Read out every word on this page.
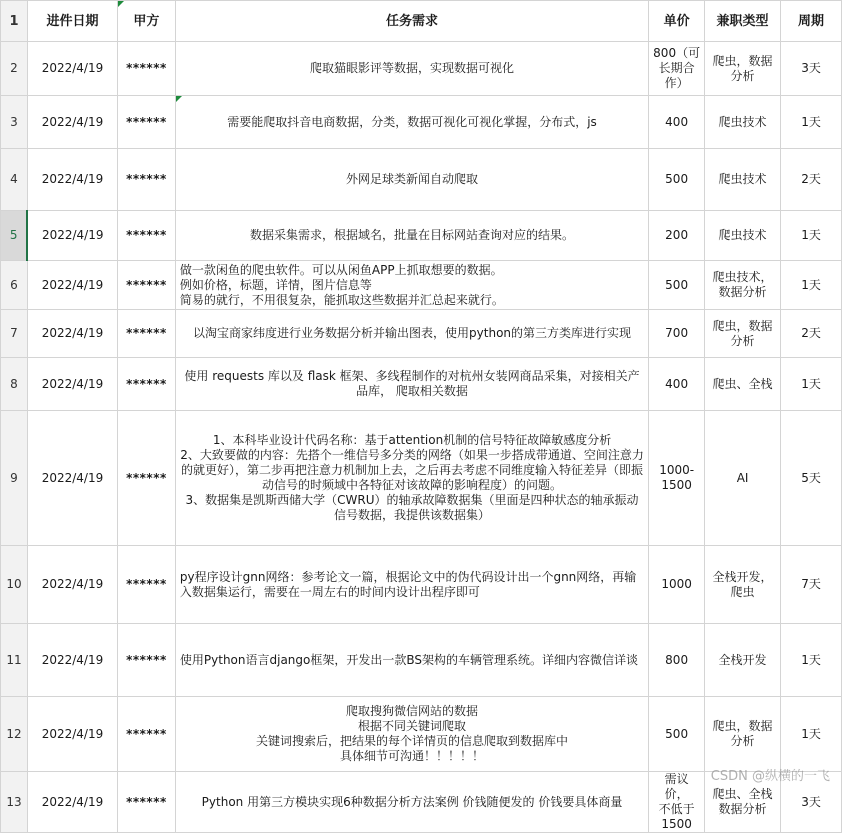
1	进件日期	甲方	任务需求	单价	兼职类型	周期
2	2022/4/19	******	爬取猫眼影评等数据，实现数据可视化	800（可
长期合
作）	爬虫，数据
分析	3天
3	2022/4/19	******	需要能爬取抖音电商数据，分类，数据可视化可视化掌握，分布式，js	400	爬虫技术	1天
4	2022/4/19	******	外网足球类新闻自动爬取	500	爬虫技术	2天
5	2022/4/19	******	数据采集需求，根据域名，批量在目标网站查询对应的结果。	200	爬虫技术	1天
6	2022/4/19	******	做一款闲鱼的爬虫软件。可以从闲鱼APP上抓取想要的数据。
例如价格，标题，详情，图片信息等
简易的就行，不用很复杂，能抓取这些数据并汇总起来就行。	500	爬虫技术，
数据分析	1天
7	2022/4/19	******	以淘宝商家纬度进行业务数据分析并输出图表，使用python的第三方类库进行实现	700	爬虫，数据
分析	2天
8	2022/4/19	******	使用 requests 库以及 flask 框架、多线程制作的对杭州女装网商品采集，对接相关产品库， 爬取相关数据	400	爬虫、全栈	1天
9	2022/4/19	******	1、本科毕业设计代码名称：基于attention机制的信号特征故障敏感度分析
2、大致要做的内容：先搭个一维信号多分类的网络（如果一步搭成带通道、空间注意力的就更好），第二步再把注意力机制加上去，之后再去考虑不同维度输入特征差异（即振动信号的时频域中各特征对该故障的影响程度）的问题。
3、数据集是凯斯西储大学（CWRU）的轴承故障数据集（里面是四种状态的轴承振动信号数据，我提供该数据集）	1000-
1500	AI	5天
10	2022/4/19	******	py程序设计gnn网络：参考论文一篇，根据论文中的伪代码设计出一个gnn网络，再输入数据集运行，需要在一周左右的时间内设计出程序即可	1000	全栈开发，
爬虫	7天
11	2022/4/19	******	使用Python语言django框架，开发出一款BS架构的车辆管理系统。详细内容微信详谈	800	全栈开发	1天
12	2022/4/19	******	爬取搜狗微信网站的数据
根据不同关键词爬取
关键词搜索后，把结果的每个详情页的信息爬取到数据库中
具体细节可沟通！！！！！	500	爬虫，数据
分析	1天
13	2022/4/19	******	Python 用第三方模块实现6种数据分析方法案例 价钱随便发的 价钱要具体商量	需议价，
不低于
1500	爬虫、全栈
数据分析	3天
CSDN @纵横的一飞
